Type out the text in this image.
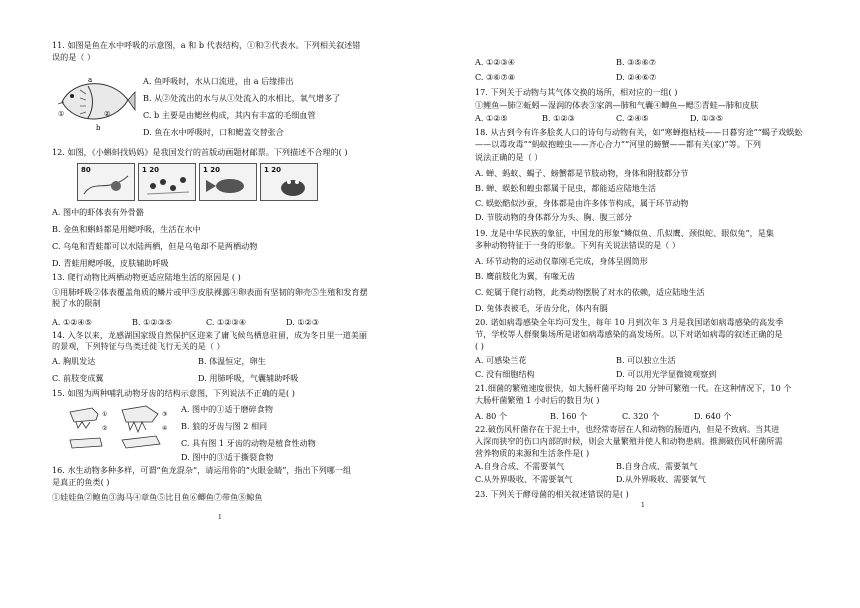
11. 如图是鱼在水中呼吸的示意图，a 和 b 代表结构，①和②代表水。下列相关叙述错
误的是（ ）
a
b
①	②
A. 鱼呼吸时，水从口流进，由 a 后缘排出
B. 从②处流出的水与从①处流入的水相比，氧气增多了
C. b 主要是由鳃丝构成，其内有丰富的毛细血管
D. 鱼在水中呼吸时，口和鳃盖交替张合
12. 如图，《小蝌蚪找妈妈》是我国发行的首版动画题材邮票。下列描述不合理的( )
80	1 20	1 20	1 20
A. 图中的虾体表有外骨骼
B. 金鱼和蝌蚪都是用鳃呼吸，生活在水中
C. 乌龟和青蛙都可以水陆两栖，但是乌龟却不是两栖动物
D. 青蛙用鳃呼吸，皮肤辅助呼吸
13. 爬行动物比两栖动物更适应陆地生活的原因是 ( )
①用肺呼吸②体表覆盖角质的鳞片或甲③皮肤裸露④卵表面有坚韧的卵壳⑤生殖和发育摆
脱了水的限制
A. ①②④⑤	B. ①②③⑤	C. ①②③④	D. ①②③
14. 入冬以来，龙感湖国家级自然保护区迎来了庸飞候鸟栖息驻留，成为冬日里一道美丽
的景观，下列特征与鸟类迁徙飞行无关的是（ ）
A. 胸肌发达	B. 体温恒定，卵生
C. 前肢变成翼	D. 用肺呼吸，气囊辅助呼吸
15. 如图为两种哺乳动物牙齿的结构示意图，下列说法不正确的是( )
①
②
③
④
A. 图中的①适于磨碎食物
B. 狼的牙齿与图 2 相同
C. 具有图 1 牙齿的动物是植食性动物
D. 图中的③适于撕裂食物
16. 水生动物多种多样，可谓“鱼龙混杂”，请运用你的“火眼金睛”，指出下列哪一组
是真正的鱼类( )
①娃娃鱼②鲍鱼③海马④章鱼⑤比目鱼⑥鲫鱼⑦带鱼⑧鲸鱼
1
A. ①②③④	B. ③⑤⑥⑦
C. ③⑥⑦⑧	D. ②④⑥⑦
17. 下列关于动物与其气体交换的场所，相对应的一组( )
①鲤鱼—肺②蚯蚓—湿润的体表③家鸽—肺和气囊④鲫鱼—鳃⑤青蛙—肺和皮肤
A. ①②⑤	B. ①②③	C. ②④⑤	D. ①③⑤
18. 从古到今有许多脍炙人口的诗句与动物有关，如“寒蝉抱枯枝——日暮穷途”“蝎子戏蜈蚣
——以毒攻毒”“蚂蚁抱蝗虫——齐心合力”“河里的螃蟹——都有关(家)”等。下列
说法正确的是（ ）
A. 蝉、蚂蚁、蝎子、螃蟹都是节肢动物，身体和附肢都分节
B. 蝉、蜈蚣和蝗虫都属于昆虫，都能适应陆地生活
C. 蜈蚣酷似沙蚕，身体都是由许多体节构成，属于环节动物
D. 节肢动物的身体都分为头、胸、腹三部分
19. 龙是中华民族的象征，中国龙的形象“鳞似鱼、爪似鹰、颈似蛇、眼似兔”，是集
多种动物特征于一身的形象。下列有关说法错误的是（ ）
A. 环节动物的运动仅靠刚毛完成，身体呈圆筒形
B. 鹰前肢化为翼，有喙无齿
C. 蛇属于爬行动物，此类动物摆脱了对水的依赖，适应陆地生活
D. 兔体表被毛，牙齿分化，体内有膈
20. 诺如病毒感染全年均可发生，每年 10 月到次年 3 月是我国诺如病毒感染的高发季
节，学校等人群聚集场所是诺如病毒感染的高发场所。以下对诺如病毒的叙述正确的是
( )
A. 可感染兰花	B. 可以独立生活
C. 没有细胞结构	D. 可以用光学显微镜观察到
21.细菌的繁殖速度很快，如大肠杆菌平均每 20 分钟可繁殖一代。在这种情况下，10 个
大肠杆菌繁殖 1 小时后的数目为( )
A. 80 个	B. 160 个	C. 320 个	D. 640 个
22.破伤风杆菌存在于泥土中，也经常寄居在人和动物的肠道内，但是不致病。当其进
入深而狭窄的伤口内部的时候，则会大量繁殖并使人和动物患病。推测破伤风杆菌所需
营养物质的来源和生活条件是( )
A.自身合成、不需要氧气	B.自身合成、需要氧气
C.从外界吸收、不需要氧气	D.从外界吸收、需要氧气
23. 下列关于酵母菌的相关叙述错误的是( )
1
